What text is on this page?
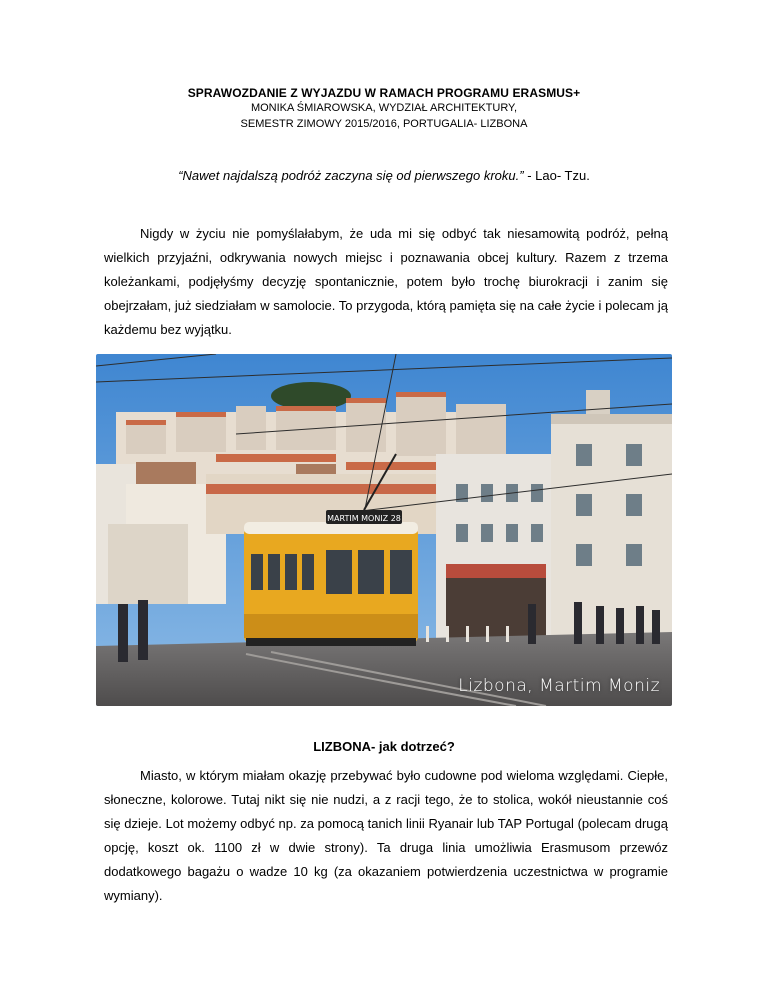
SPRAWOZDANIE Z WYJAZDU W RAMACH PROGRAMU ERASMUS+
MONIKA ŚMIAROWSKA, WYDZIAŁ ARCHITEKTURY,
SEMESTR ZIMOWY 2015/2016, PORTUGALIA- LIZBONA
“Nawet najdalszą podróż zaczyna się od pierwszego kroku.” - Lao- Tzu.
Nigdy w życiu nie pomyślałabym, że uda mi się odbyć tak niesamowitą podróż, pełną wielkich przyjaźni, odkrywania nowych miejsc i poznawania obcej kultury. Razem z trzema koleżankami, podjęłyśmy decyzję spontanicznie, potem było trochę biurokracji i zanim się obejrzałam, już siedziałam w samolocie. To przygoda, którą pamięta się na całe życie i polecam ją każdemu bez wyjątku.
MARTIM MONIZ 28
Lizbona, Martim Moniz
LIZBONA- jak dotrzeć?
Miasto, w którym miałam okazję przebywać było cudowne pod wieloma względami. Ciepłe, słoneczne, kolorowe. Tutaj nikt się nie nudzi, a z racji tego, że to stolica, wokół nieustannie coś się dzieje. Lot możemy odbyć np. za pomocą tanich linii Ryanair lub TAP Portugal (polecam drugą opcję, koszt ok. 1100 zł w dwie strony). Ta druga linia umożliwia Erasmusom przewóz dodatkowego bagażu o wadze 10 kg (za okazaniem potwierdzenia uczestnictwa w programie wymiany).
